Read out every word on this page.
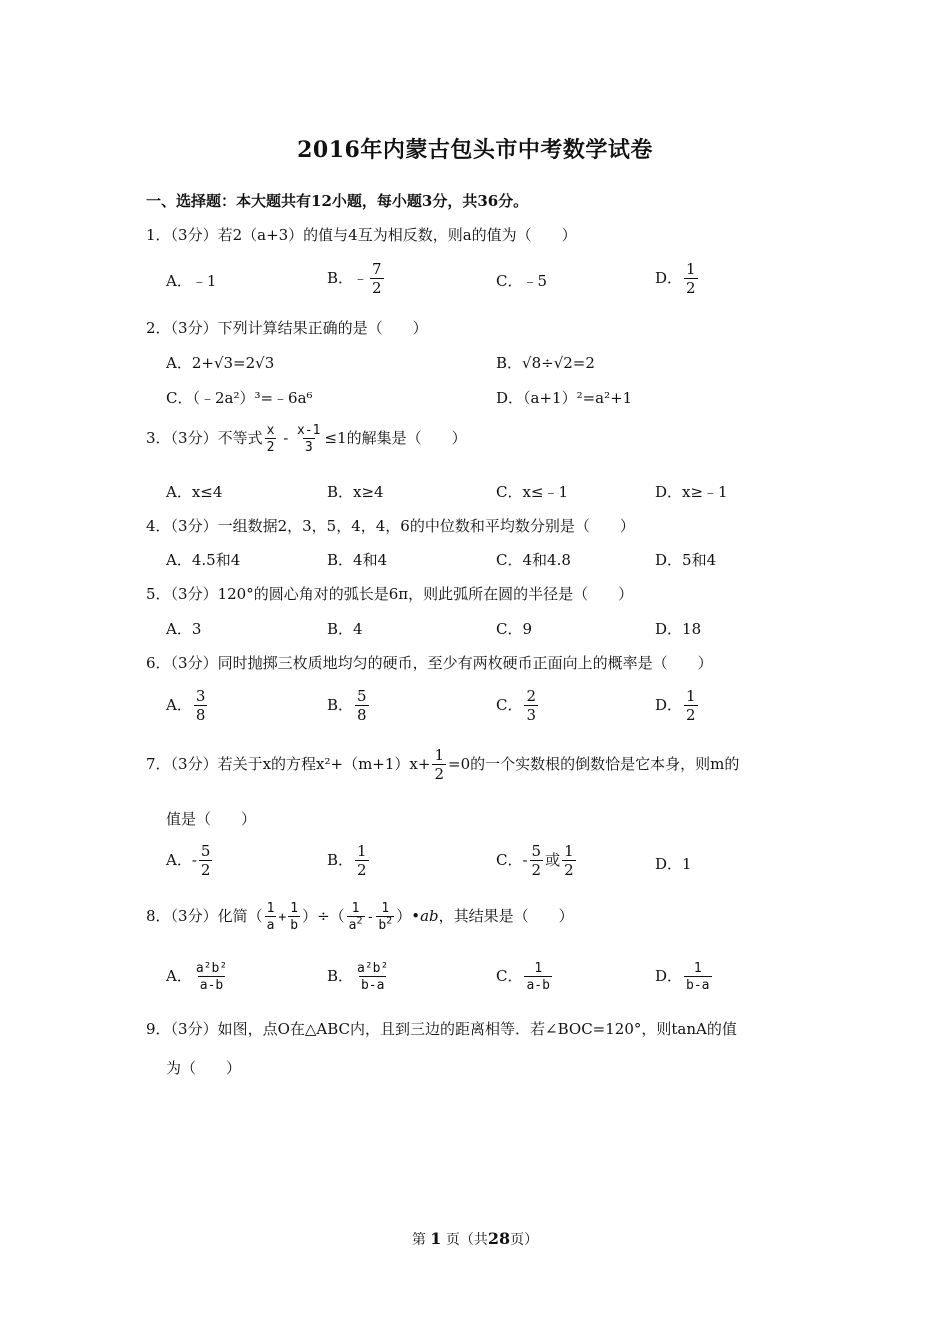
2016年内蒙古包头市中考数学试卷
一、选择题：本大题共有12小题，每小题3分，共36分。
1．（3分）若2（a+3）的值与4互为相反数，则a的值为（　　）
A．﹣1	B．﹣ $\frac{7}{2}$	C．﹣5	D． $\frac{1}{2}$
2．（3分）下列计算结果正确的是（　　）
A．2+√3=2√3	B．√8÷√2=2
C．（﹣2a²）³=﹣6a⁶	D．（a+1）²=a²+1
3．（3分）不等式 $\frac{x}{2} - \frac{x-1}{3} \le 1$的解集是（　　）
A．x≤4	B．x≥4	C．x≤﹣1	D．x≥﹣1
4．（3分）一组数据2，3，5，4，4，6的中位数和平均数分别是（　　）
A．4.5和4	B．4和4	C．4和4.8	D．5和4
5．（3分）120°的圆心角对的弧长是6π，则此弧所在圆的半径是（　　）
A．3	B．4	C．9	D．18
6．（3分）同时抛掷三枚质地均匀的硬币，至少有两枚硬币正面向上的概率是（　　）
A． $\frac{3}{8}$	B． $\frac{5}{8}$	C． $\frac{2}{3}$	D． $\frac{1}{2}$
7．（3分）若关于x的方程$x^2+(m+1)x+ \frac{1}{2} =0$的一个实数根的倒数恰是它本身，则m的
值是（　　）
A．- $\frac{5}{2}$	B． $\frac{1}{2}$	C．- $\frac{5}{2}$ 或 $\frac{1}{2}$	D．1
8．（3分）化简（ $\frac{1}{a} + \frac{1}{b}$ ）÷（ $\frac{1}{a^2} - \frac{1}{b^2}$ ）•ab，其结果是（　　）
A． $\frac{\text{a²b²}}{a-b}$	B． $\frac{\text{a²b²}}{b-a}$	C． $\frac{1}{a-b}$	D． $\frac{1}{b-a}$
9．（3分）如图，点O在△ABC内，且到三边的距离相等．若∠BOC=120°，则tanA的值
为（　　）
第 1 页（共28页）
